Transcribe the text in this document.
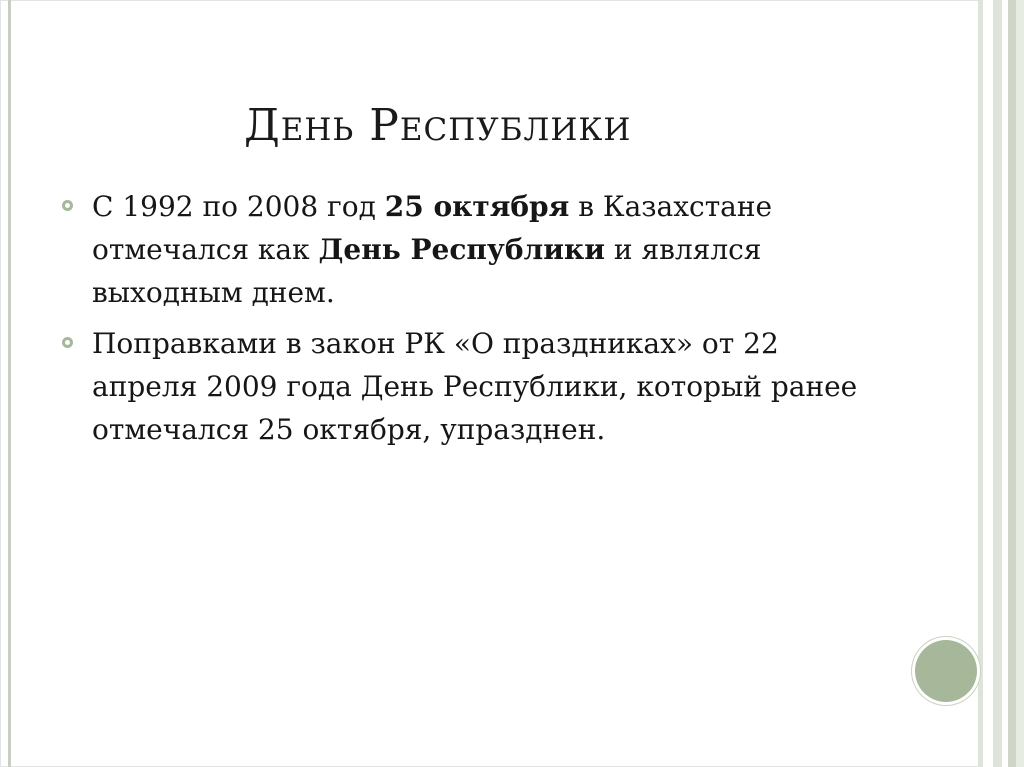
День Республики
С 1992 по 2008 год 25 октября в Казахстане отмечался как День Республики и являлся выходным днем.
Поправками в закон РК «О праздниках» от 22 апреля 2009 года День Республики, который ранее отмечался 25 октября, упразднен.
